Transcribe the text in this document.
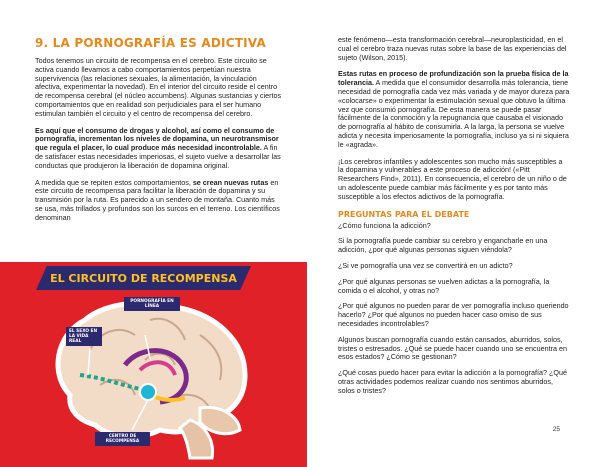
9. LA PORNOGRAFÍA ES ADICTIVA

Todos tenemos un circuito de recompensa en el cerebro. Este circuito se activa cuando llevamos a cabo comportamientos perpetúan nuestra supervivencia (las relaciones sexuales, la alimentación, la vinculación afectiva, experimentar la novedad). En el interior del circuito reside el centro de recompensa cerebral (el núcleo accumbens). Algunas sustancias y ciertos comportamientos que en realidad son perjudiciales para el ser humano estimulan también el circuito y el centro de recompensa del cerebro.

Es aquí que el consumo de drogas y alcohol, así como el consumo de pornografía, incrementan los niveles de dopamina, un neurotransmisor que regula el placer, lo cual produce más necesidad incontrolable. A fin de satisfacer estas necesidades imperiosas, el sujeto vuelve a desarrollar las conductas que produjeron la liberación de dopamina original.

A medida que se repiten estos comportamientos, se crean nuevas rutas en este circuito de recompensa para facilitar la liberación de dopamina y su transmisión por la ruta. Es parecido a un sendero de montaña. Cuanto más se usa, más trillados y profundos son los surcos en el terreno. Los científicos denominan

EL CIRCUITO DE RECOMPENSA
PORNOGRAFÍA EN LÍNEA
EL SEXO EN LA VIDA REAL
CENTRO DE RECOMPENSA

este fenómeno—esta transformación cerebral—neuroplasticidad, en el cual el cerebro traza nuevas rutas sobre la base de las experiencias del sujeto (Wilson, 2015).

Estas rutas en proceso de profundización son la prueba física de la tolerancia. A medida que el consumidor desarrolla más tolerancia, tiene necesidad de pornografía cada vez más variada y de mayor dureza para «colocarse» o experimentar la estimulación sexual que obtuvo la última vez que consumió pornografía. De esta manera se puede pasar fácilmente de la conmoción y la repugnancia que causaba el visionado de pornografía al hábito de consumirla. A la larga, la persona se vuelve adicta y necesita imperiosamente la pornografía, incluso ya si ni siquiera le «agrada».

¡Los cerebros infantiles y adolescentes son mucho más susceptibles a la dopamina y vulnerables a este proceso de adicción! («Pitt Researchers Find», 2011). En consecuencia, el cerebro de un niño o de un adolescente puede cambiar más fácilmente y es por tanto más susceptible a los efectos adictivos de la pornografía.

PREGUNTAS PARA EL DEBATE
¿Cómo funciona la adicción?
Si la pornografía puede cambiar su cerebro y engancharle en una adicción, ¿por qué algunas personas siguen viéndola?
¿Si ve pornografía una vez se convertirá en un adicto?
¿Por qué algunas personas se vuelven adictas a la pornografía, la comida o el alcohol, y otras no?
¿Por qué algunos no pueden parar de ver pornografía incluso queriendo hacerlo? ¿Por qué algunos no pueden hacer caso omiso de sus necesidades incontrolables?
Algunos buscan pornografía cuando están cansados, aburridos, solos, tristes o estresados. ¿Qué se puede hacer cuando uno se encuentra en esos estados? ¿Cómo se gestionan?
¿Qué cosas puedo hacer para evitar la adicción a la pornografía? ¿Qué otras actividades podemos realizar cuando nos sentimos aburridos, solos o tristes?
25
